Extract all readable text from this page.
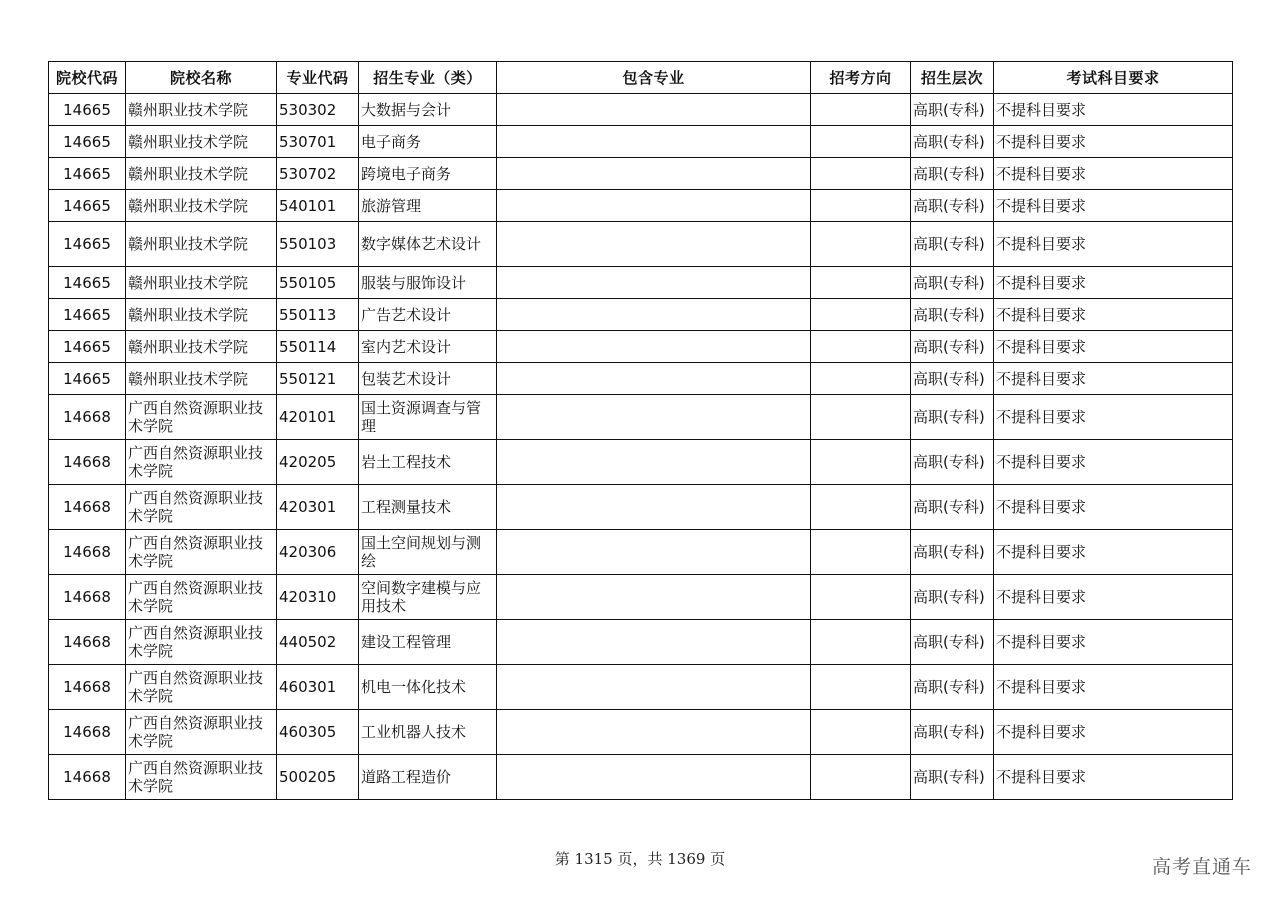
院校代码	院校名称	专业代码	招生专业（类）	包含专业	招考方向	招生层次	考试科目要求
14665	赣州职业技术学院	530302	大数据与会计			高职(专科)	不提科目要求
14665	赣州职业技术学院	530701	电子商务			高职(专科)	不提科目要求
14665	赣州职业技术学院	530702	跨境电子商务			高职(专科)	不提科目要求
14665	赣州职业技术学院	540101	旅游管理			高职(专科)	不提科目要求
14665	赣州职业技术学院	550103	数字媒体艺术设计			高职(专科)	不提科目要求
14665	赣州职业技术学院	550105	服装与服饰设计			高职(专科)	不提科目要求
14665	赣州职业技术学院	550113	广告艺术设计			高职(专科)	不提科目要求
14665	赣州职业技术学院	550114	室内艺术设计			高职(专科)	不提科目要求
14665	赣州职业技术学院	550121	包装艺术设计			高职(专科)	不提科目要求
14668	广西自然资源职业技术学院	420101	国土资源调查与管理			高职(专科)	不提科目要求
14668	广西自然资源职业技术学院	420205	岩土工程技术			高职(专科)	不提科目要求
14668	广西自然资源职业技术学院	420301	工程测量技术			高职(专科)	不提科目要求
14668	广西自然资源职业技术学院	420306	国土空间规划与测绘			高职(专科)	不提科目要求
14668	广西自然资源职业技术学院	420310	空间数字建模与应用技术			高职(专科)	不提科目要求
14668	广西自然资源职业技术学院	440502	建设工程管理			高职(专科)	不提科目要求
14668	广西自然资源职业技术学院	460301	机电一体化技术			高职(专科)	不提科目要求
14668	广西自然资源职业技术学院	460305	工业机器人技术			高职(专科)	不提科目要求
14668	广西自然资源职业技术学院	500205	道路工程造价			高职(专科)	不提科目要求
第 1315 页，共 1369 页	高考直通车
